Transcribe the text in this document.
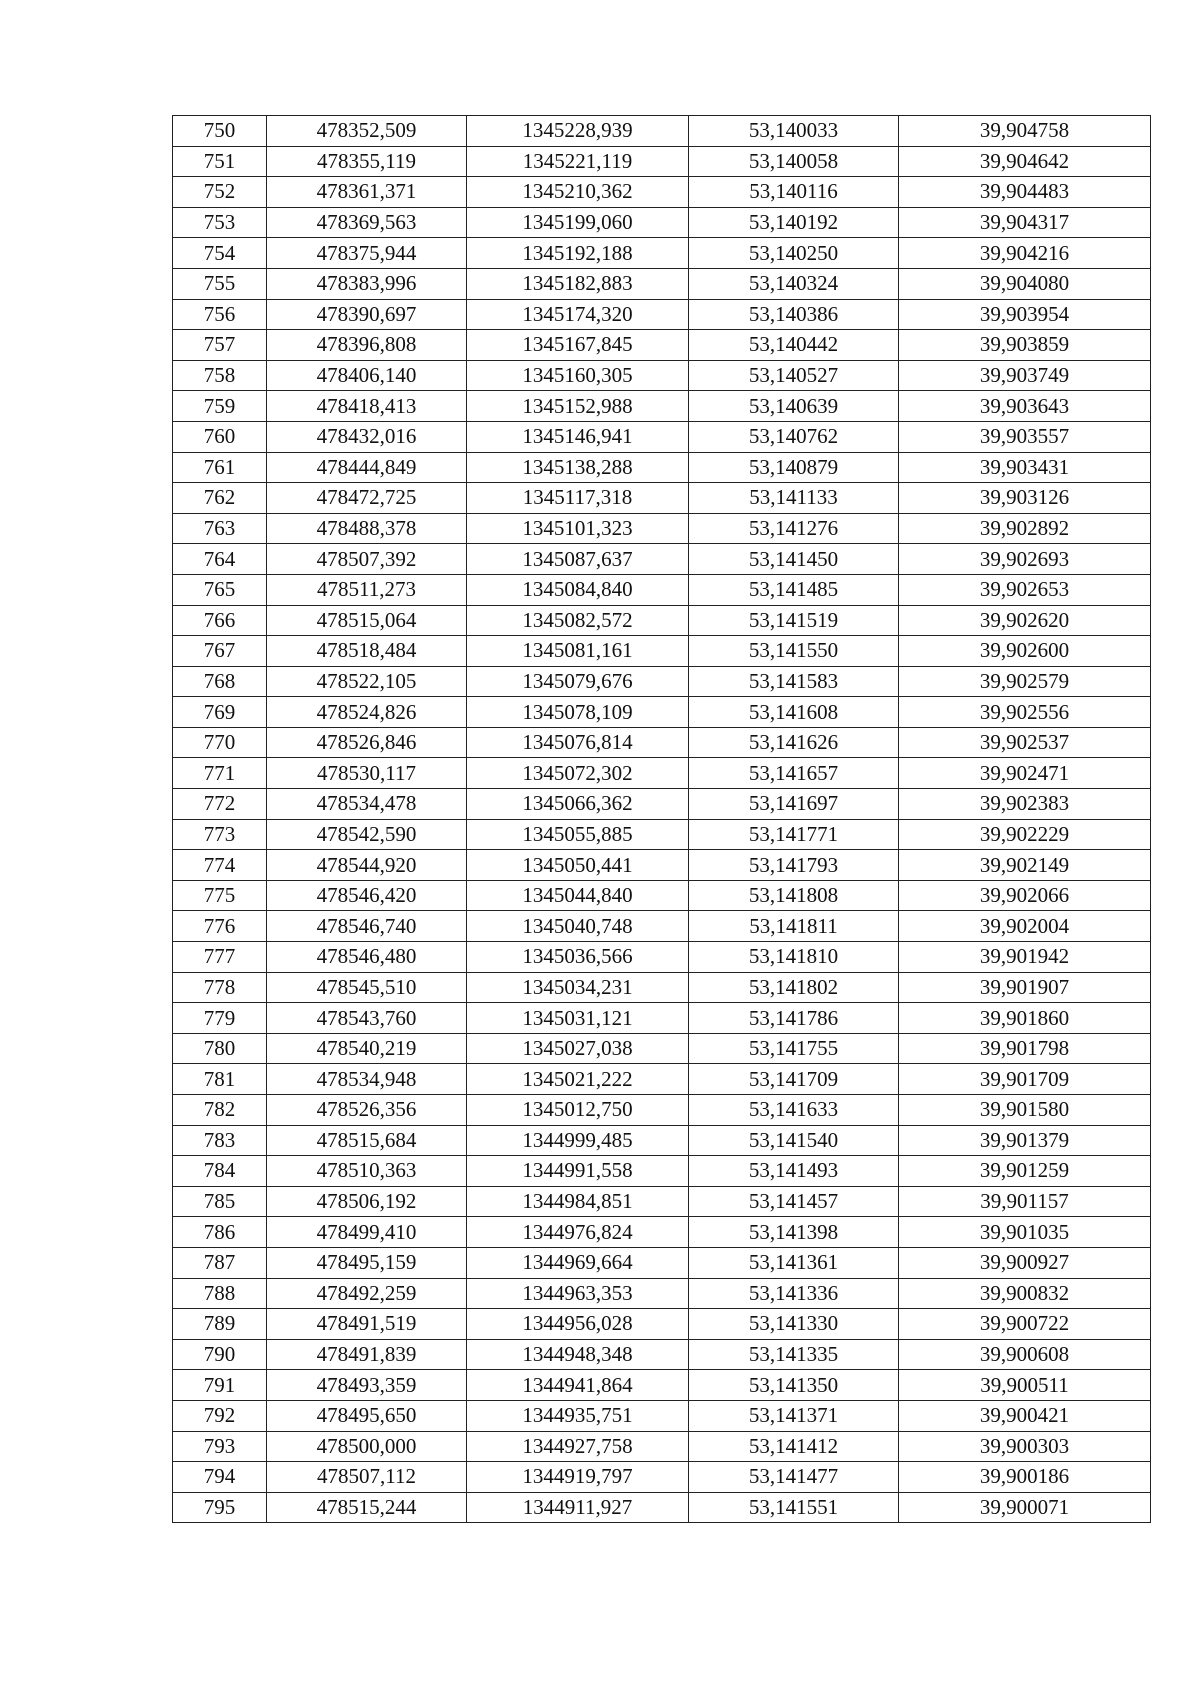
750	478352,509	1345228,939	53,140033	39,904758
751	478355,119	1345221,119	53,140058	39,904642
752	478361,371	1345210,362	53,140116	39,904483
753	478369,563	1345199,060	53,140192	39,904317
754	478375,944	1345192,188	53,140250	39,904216
755	478383,996	1345182,883	53,140324	39,904080
756	478390,697	1345174,320	53,140386	39,903954
757	478396,808	1345167,845	53,140442	39,903859
758	478406,140	1345160,305	53,140527	39,903749
759	478418,413	1345152,988	53,140639	39,903643
760	478432,016	1345146,941	53,140762	39,903557
761	478444,849	1345138,288	53,140879	39,903431
762	478472,725	1345117,318	53,141133	39,903126
763	478488,378	1345101,323	53,141276	39,902892
764	478507,392	1345087,637	53,141450	39,902693
765	478511,273	1345084,840	53,141485	39,902653
766	478515,064	1345082,572	53,141519	39,902620
767	478518,484	1345081,161	53,141550	39,902600
768	478522,105	1345079,676	53,141583	39,902579
769	478524,826	1345078,109	53,141608	39,902556
770	478526,846	1345076,814	53,141626	39,902537
771	478530,117	1345072,302	53,141657	39,902471
772	478534,478	1345066,362	53,141697	39,902383
773	478542,590	1345055,885	53,141771	39,902229
774	478544,920	1345050,441	53,141793	39,902149
775	478546,420	1345044,840	53,141808	39,902066
776	478546,740	1345040,748	53,141811	39,902004
777	478546,480	1345036,566	53,141810	39,901942
778	478545,510	1345034,231	53,141802	39,901907
779	478543,760	1345031,121	53,141786	39,901860
780	478540,219	1345027,038	53,141755	39,901798
781	478534,948	1345021,222	53,141709	39,901709
782	478526,356	1345012,750	53,141633	39,901580
783	478515,684	1344999,485	53,141540	39,901379
784	478510,363	1344991,558	53,141493	39,901259
785	478506,192	1344984,851	53,141457	39,901157
786	478499,410	1344976,824	53,141398	39,901035
787	478495,159	1344969,664	53,141361	39,900927
788	478492,259	1344963,353	53,141336	39,900832
789	478491,519	1344956,028	53,141330	39,900722
790	478491,839	1344948,348	53,141335	39,900608
791	478493,359	1344941,864	53,141350	39,900511
792	478495,650	1344935,751	53,141371	39,900421
793	478500,000	1344927,758	53,141412	39,900303
794	478507,112	1344919,797	53,141477	39,900186
795	478515,244	1344911,927	53,141551	39,900071
